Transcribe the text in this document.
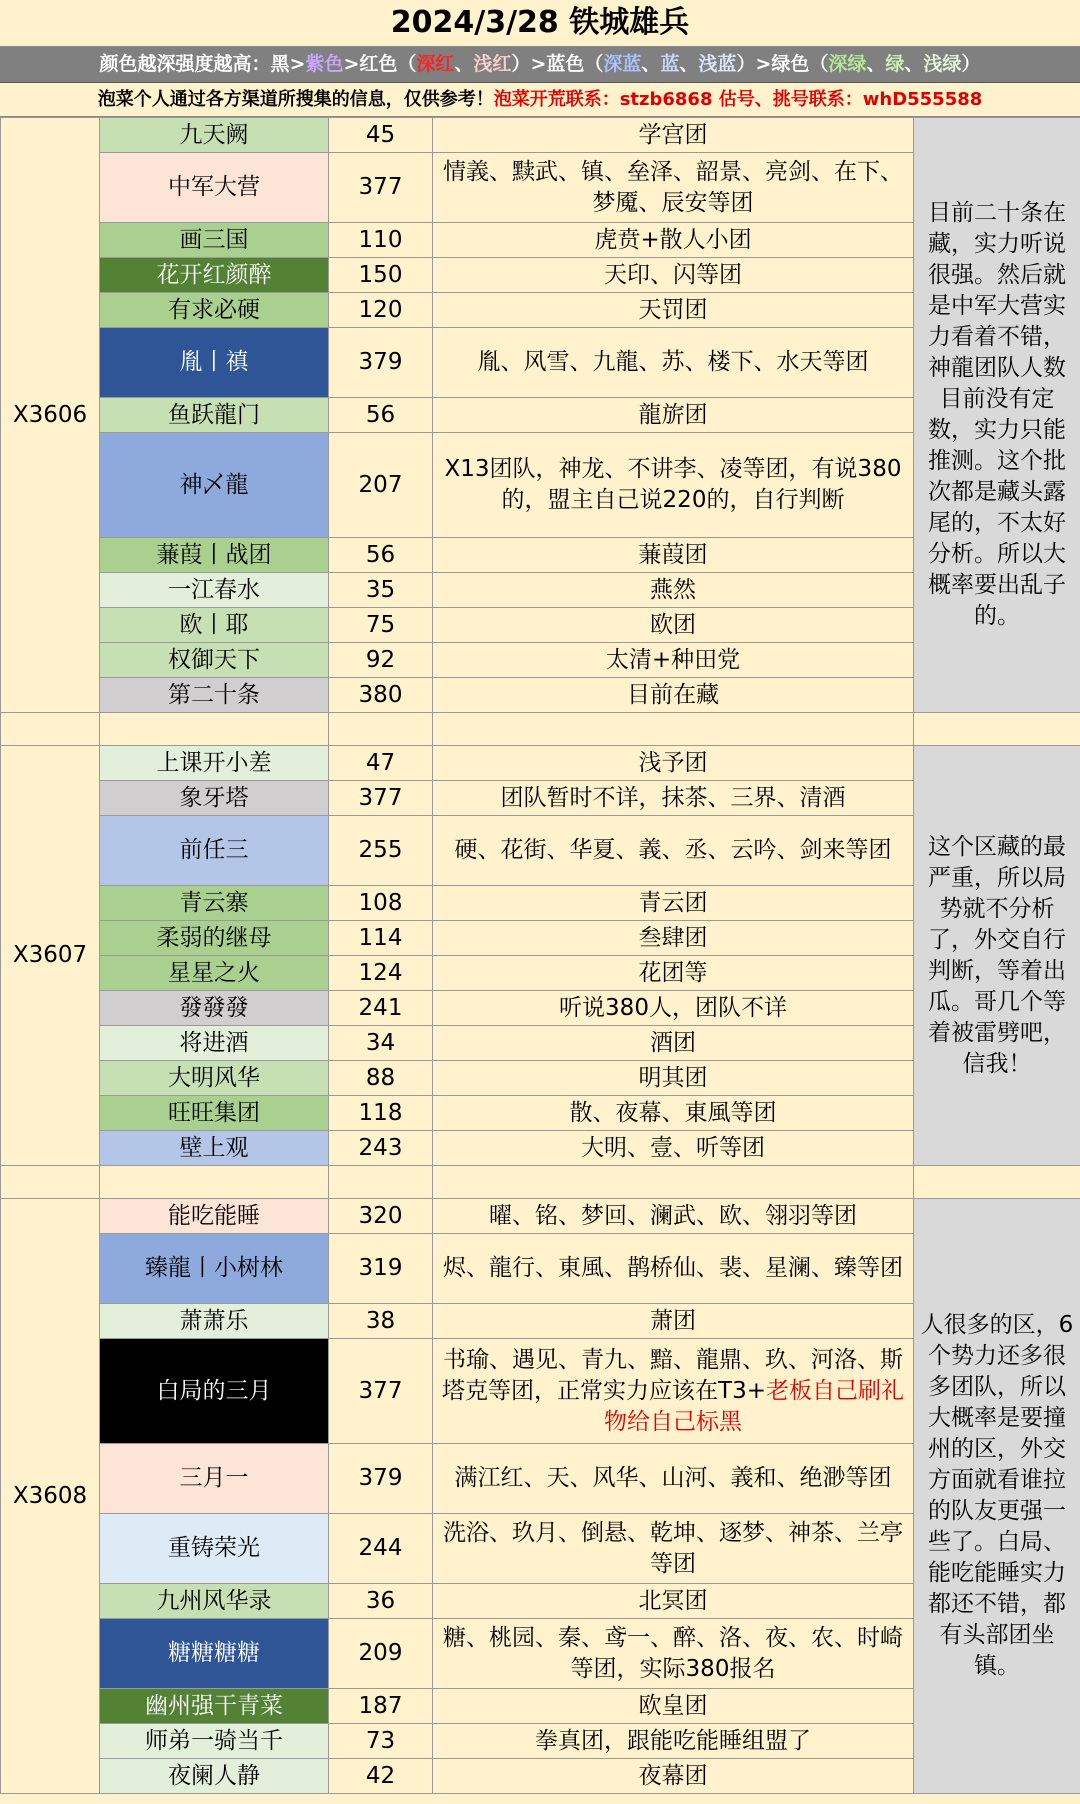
2024/3/28 铁城雄兵
颜色越深强度越高：黑>紫色>红色（深红、浅红）>蓝色（深蓝、蓝、浅蓝）>绿色（深绿、绿、浅绿）
泡菜个人通过各方渠道所搜集的信息，仅供参考！泡菜开荒联系：stzb6868 估号、挑号联系：whD555588
X3606	九天阙	45	学宫团	目前二十条在藏，实力听说很强。然后就是中军大营实力看着不错，神龍团队人数目前没有定数，实力只能推测。这个批次都是藏头露尾的，不太好分析。所以大概率要出乱子的。
	中军大营	377	情義、黩武、镇、垒泽、韶景、亮剑、在下、梦魇、辰安等团	
	画三国	110	虎贲+散人小团	
	花开红颜醉	150	天印、闪等团	
	有求必硬	120	天罚团	
	胤丨禛	379	胤、风雪、九龍、苏、楼下、水天等团	
	鱼跃龍门	56	龍旂团	
	神乄龍	207	X13团队，神龙、不讲李、凌等团，有说380的，盟主自己说220的，自行判断	
	蒹葭丨战团	56	蒹葭团	
	一江春水	35	燕然	
	欧丨耶	75	欧团	
	权御天下	92	太清+种田党	
	第二十条	380	目前在藏	

X3607	上课开小差	47	浅予团	这个区藏的最严重，所以局势就不分析了，外交自行判断，等着出瓜。哥几个等着被雷劈吧，信我！
	象牙塔	377	团队暂时不详，抹茶、三界、清酒	
	前任三	255	硬、花街、华夏、義、丞、云吟、剑来等团	
	青云寨	108	青云团	
	柔弱的继母	114	叁肆团	
	星星之火	124	花团等	
	發發發	241	听说380人，团队不详	
	将进酒	34	酒团	
	大明风华	88	明其团	
	旺旺集团	118	散、夜幕、東風等团	
	壁上观	243	大明、壹、听等团	

X3608	能吃能睡	320	曜、铭、梦回、澜武、欧、翎羽等团	人很多的区，6个势力还多很多团队，所以大概率是要撞州的区，外交方面就看谁拉的队友更强一些了。白局、能吃能睡实力都还不错，都有头部团坐镇。
	臻龍丨小树林	319	烬、龍行、東風、鹊桥仙、裴、星澜、臻等团	
	萧萧乐	38	萧团	
	白局的三月	377	书瑜、遇见、青九、黯、龍鼎、玖、河洛、斯塔克等团，正常实力应该在T3+老板自己刷礼物给自己标黑	
	三月一	379	满江红、天、风华、山河、義和、绝渺等团	
	重铸荣光	244	洗浴、玖月、倒悬、乾坤、逐梦、神茶、兰亭等团	
	九州风华录	36	北冥团	
	糖糖糖糖	209	糖、桃园、秦、鸢一、醉、洛、夜、农、时崎等团，实际380报名	
	幽州强干青菜	187	欧皇团	
	师弟一骑当千	73	拳真团，跟能吃能睡组盟了	
	夜阑人静	42	夜幕团	
